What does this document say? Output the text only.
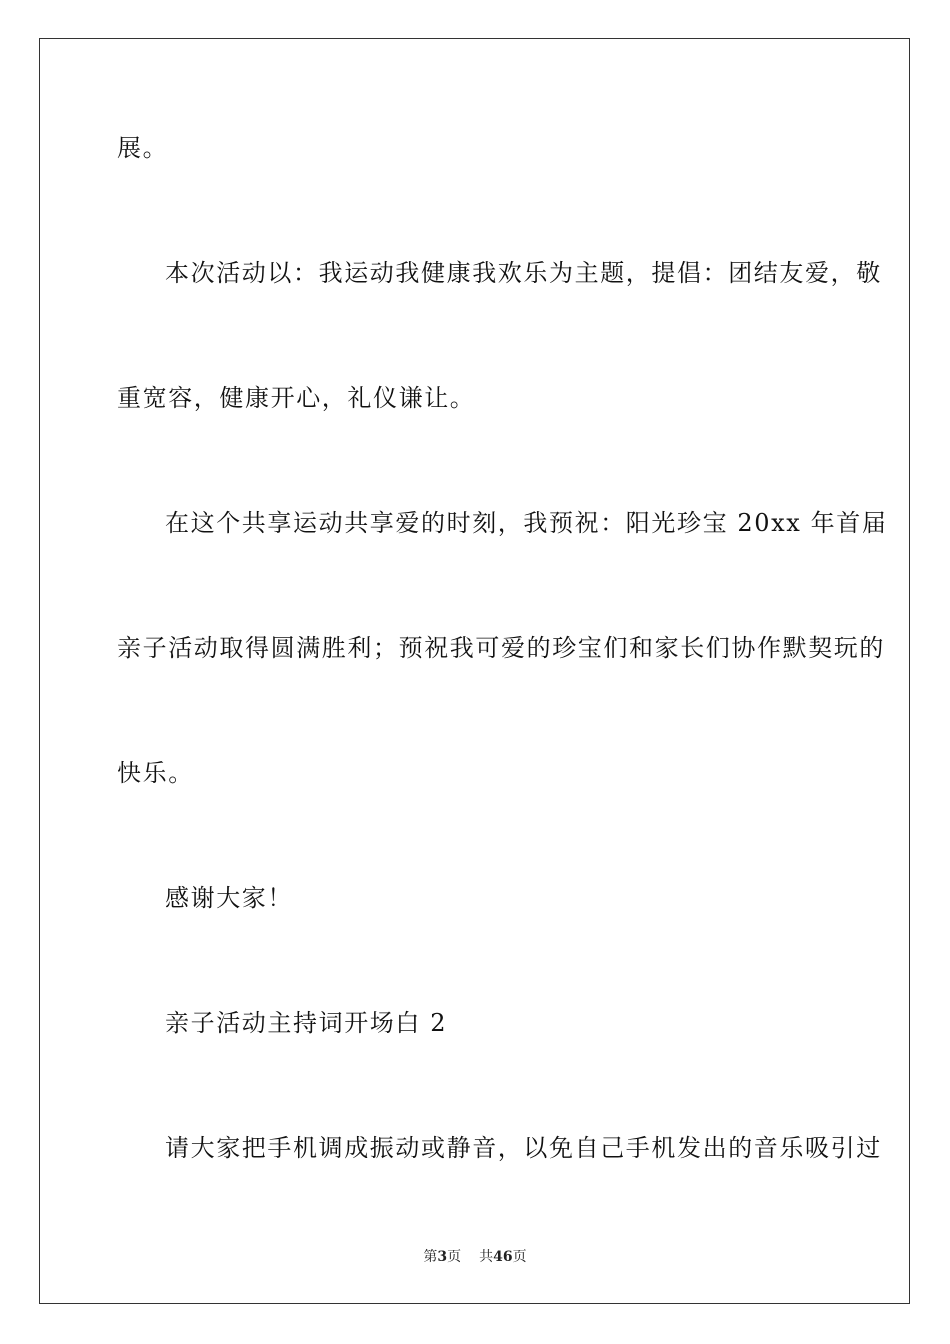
展。
本次活动以：我运动我健康我欢乐为主题，提倡：团结友爱，敬
重宽容，健康开心，礼仪谦让。
在这个共享运动共享爱的时刻，我预祝：阳光珍宝 20xx 年首届
亲子活动取得圆满胜利；预祝我可爱的珍宝们和家长们协作默契玩的
快乐。
感谢大家！
亲子活动主持词开场白 2
请大家把手机调成振动或静音，以免自己手机发出的音乐吸引过
第3页 共46页
